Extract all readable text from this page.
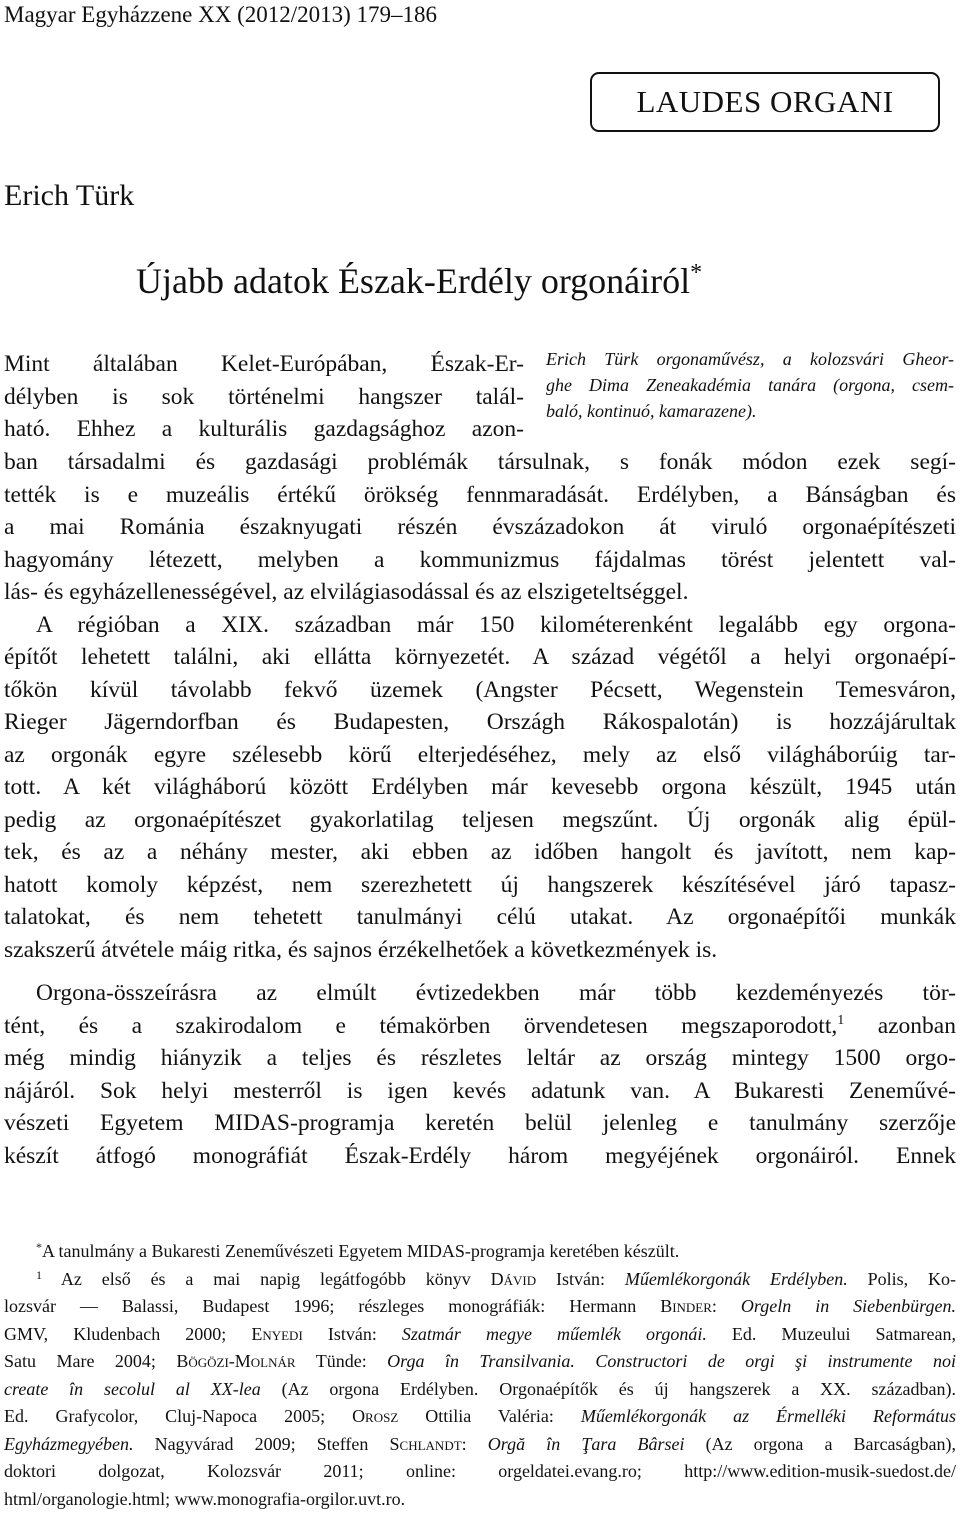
Magyar Egyházzene XX (2012/2013) 179–186
LAUDES ORGANI
Erich Türk
Újabb adatok Észak-Erdély orgonáiról*
Mint általában Kelet-Európában, Észak-Er-
délyben is sok történelmi hangszer talál-
ható. Ehhez a kulturális gazdagsághoz azon-
Erich Türk orgonaművész, a kolozsvári Gheor-
ghe Dima Zeneakadémia tanára (orgona, csem-
baló, kontinuó, kamarazene).
ban társadalmi és gazdasági problémák társulnak, s fonák módon ezek segí-
tették is e muzeális értékű örökség fennmaradását. Erdélyben, a Bánságban és
a mai Románia északnyugati részén évszázadokon át viruló orgonaépítészeti
hagyomány létezett, melyben a kommunizmus fájdalmas törést jelentett val-
lás- és egyházellenességével, az elvilágiasodással és az elszigeteltséggel.
A régióban a XIX. században már 150 kilométerenként legalább egy orgona-
építőt lehetett találni, aki ellátta környezetét. A század végétől a helyi orgonaépí-
tőkön kívül távolabb fekvő üzemek (Angster Pécsett, Wegenstein Temesváron,
Rieger Jägerndorfban és Budapesten, Országh Rákospalotán) is hozzájárultak
az orgonák egyre szélesebb körű elterjedéséhez, mely az első világháborúig tar-
tott. A két világháború között Erdélyben már kevesebb orgona készült, 1945 után
pedig az orgonaépítészet gyakorlatilag teljesen megszűnt. Új orgonák alig épül-
tek, és az a néhány mester, aki ebben az időben hangolt és javított, nem kap-
hatott komoly képzést, nem szerezhetett új hangszerek készítésével járó tapasz-
talatokat, és nem tehetett tanulmányi célú utakat. Az orgonaépítői munkák
szakszerű átvétele máig ritka, és sajnos érzékelhetőek a következmények is.
Orgona-összeírásra az elmúlt évtizedekben már több kezdeményezés tör-
tént, és a szakirodalom e témakörben örvendetesen megszaporodott,$^1$ azonban
még mindig hiányzik a teljes és részletes leltár az ország mintegy 1500 orgo-
nájáról. Sok helyi mesterről is igen kevés adatunk van. A Bukaresti Zeneművé-
vészeti Egyetem MIDAS-programja keretén belül jelenleg e tanulmány szerzője
készít átfogó monográfiát Észak-Erdély három megyéjének orgonáiról. Ennek
*A tanulmány a Bukaresti Zeneművészeti Egyetem MIDAS-programja keretében készült.
$^1$ Az első és a mai napig legátfogóbb könyv Dávid István: Műemlékorgonák Erdélyben. Polis, Ko-
lozsvár — Balassi, Budapest 1996; részleges monográfiák: Hermann Binder: Orgeln in Siebenbürgen.
GMV, Kludenbach 2000; Enyedi István: Szatmár megye műemlék orgonái. Ed. Muzeului Satmarean,
Satu Mare 2004; Bögözi-Molnár Tünde: Orga în Transilvania. Constructori de orgi şi instrumente noi
create în secolul al XX-lea (Az orgona Erdélyben. Orgonaépítők és új hangszerek a XX. században).
Ed. Grafycolor, Cluj-Napoca 2005; Orosz Ottilia Valéria: Műemlékorgonák az Érmelléki Református
Egyházmegyében. Nagyvárad 2009; Steffen Schlandt: Orgă în Ţara Bârsei (Az orgona a Barcaságban),
doktori dolgozat, Kolozsvár 2011; online: orgeldatei.evang.ro; http://www.edition-musik-suedost.de/
html/organologie.html; www.monografia-orgilor.uvt.ro.
